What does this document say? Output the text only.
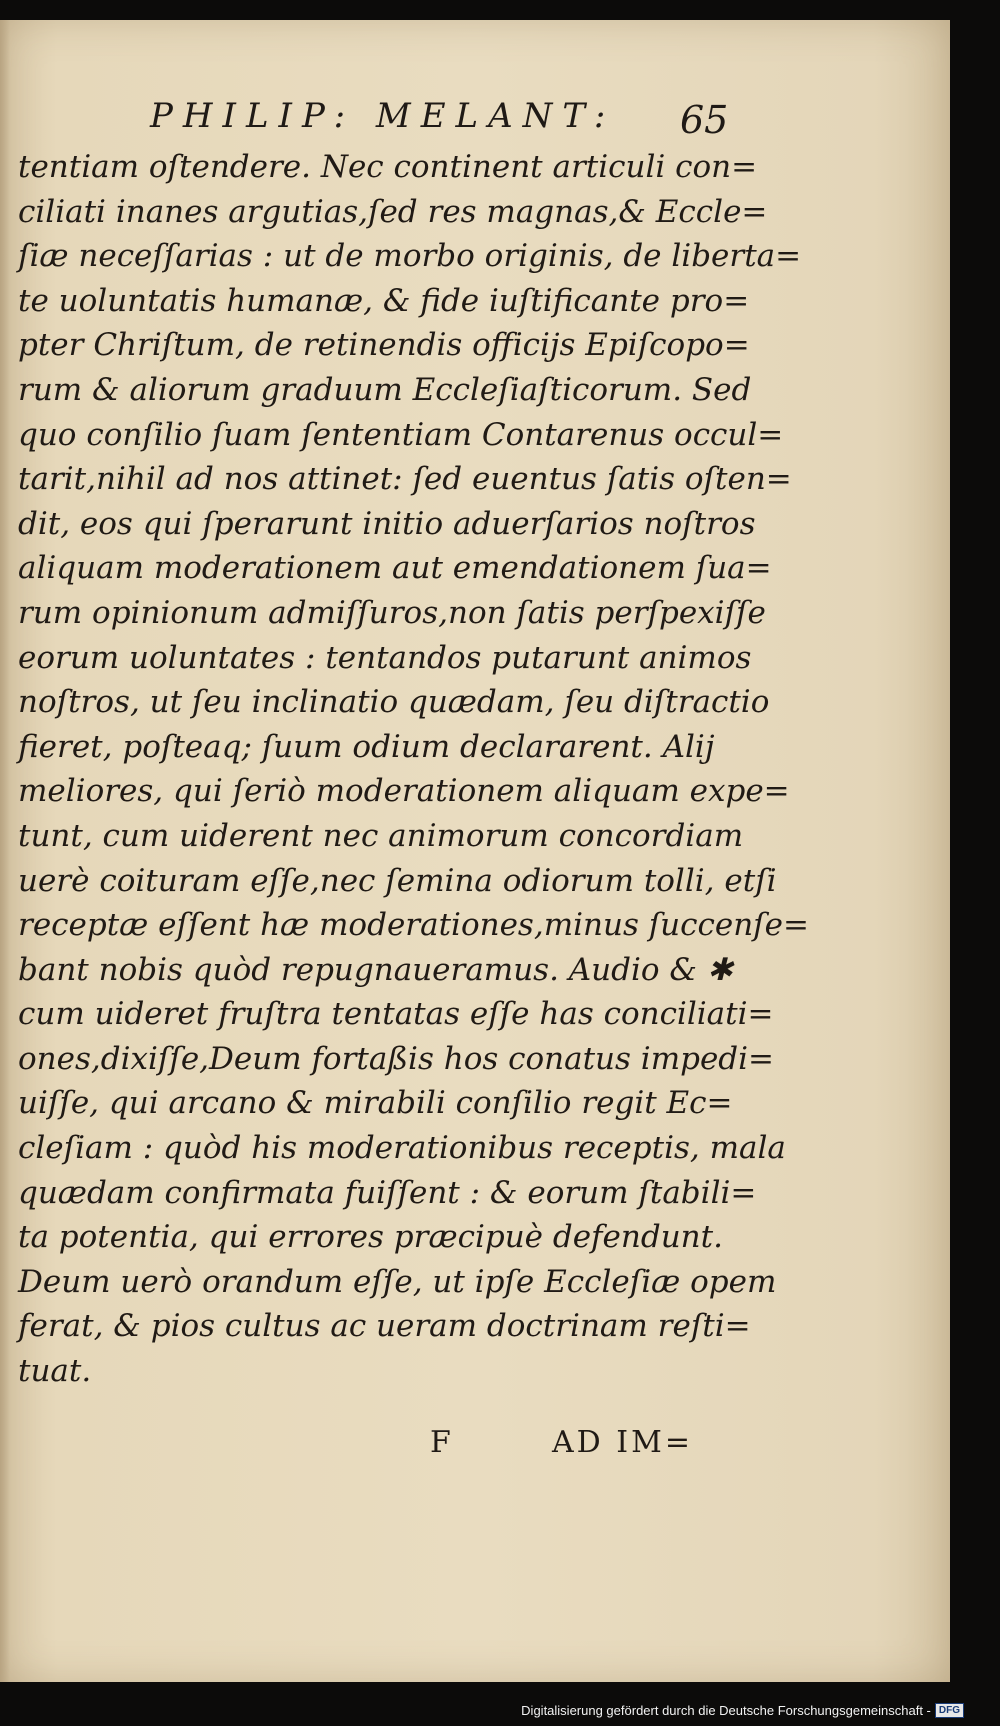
PHILIP: MELANT: 65
tentiam oſtendere. Nec continent articuli con=
ciliati inanes argutias,ſed res magnas,& Eccle=
ſiæ neceſſarias : ut de morbo originis, de liberta=
te uoluntatis humanæ, & fide iuſtificante pro=
pter Chriſtum, de retinendis officijs Epiſcopo=
rum & aliorum graduum Eccleſiaſticorum. Sed
quo conſilio ſuam ſententiam Contarenus occul=
tarit,nihil ad nos attinet: ſed euentus ſatis oſten=
dit, eos qui ſperarunt initio aduerſarios noſtros
aliquam moderationem aut emendationem ſua=
rum opinionum admiſſuros,non ſatis perſpexiſſe
eorum uoluntates : tentandos putarunt animos
noſtros, ut ſeu inclinatio quædam, ſeu diſtractio
fieret, poſteaq; ſuum odium declararent. Alij
meliores, qui ſeriò moderationem aliquam expe=
tunt, cum uiderent nec animorum concordiam
uerè coituram eſſe,nec ſemina odiorum tolli, etſi
receptæ eſſent hæ moderationes,minus ſuccenſe=
bant nobis quòd repugnaueramus. Audio & ✱
cum uideret fruſtra tentatas eſſe has conciliati=
ones,dixiſſe,Deum fortaßis hos conatus impedi=
uiſſe, qui arcano & mirabili conſilio regit Ec=
cleſiam : quòd his moderationibus receptis, mala
quædam confirmata fuiſſent : & eorum ſtabili=
ta potentia, qui errores præcipuè defendunt.
Deum uerò orandum eſſe, ut ipſe Eccleſiæ opem
ferat, & pios cultus ac ueram doctrinam reſti=
tuat.
F	AD IM=
Digitalisierung gefördert durch die Deutsche Forschungsgemeinschaft - DFG
